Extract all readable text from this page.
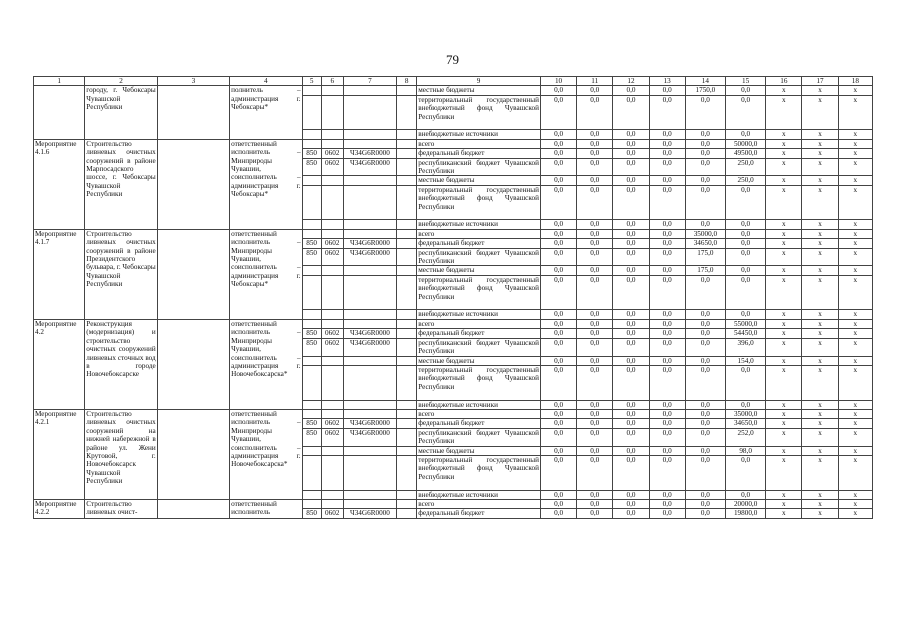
79
1	2	3	4	5	6	7	8	9	10	11	12	13	14	15	16	17	18
	городу, г. Чебоксары Чувашской Республики		полнитель – администрация г. Чебоксары*					местные бюджеты	0,0	0,0	0,0	0,0	1750,0	0,0	x	x	x
								территориальный государственный внебюджетный фонд Чувашской Республики	0,0	0,0	0,0	0,0	0,0	0,0	x	x	x
								внебюджетные источники	0,0	0,0	0,0	0,0	0,0	0,0	x	x	x
Мероприятие 4.1.6	Строительство ливневых очистных сооружений в районе Марпосадского шоссе, г. Чебоксары Чувашской Республики		ответственный исполнитель – Минприроды Чувашии, соисполнитель – администрация г. Чебоксары*					всего	0,0	0,0	0,0	0,0	0,0	50000,0	x	x	x
				850	0602	Ч34G6R0000		федеральный бюджет	0,0	0,0	0,0	0,0	0,0	49500,0	x	x	x
				850	0602	Ч34G6R0000		республиканский бюджет Чувашской Республики	0,0	0,0	0,0	0,0	0,0	250,0	x	x	x
								местные бюджеты	0,0	0,0	0,0	0,0	0,0	250,0	x	x	x
								территориальный государственный внебюджетный фонд Чувашской Республики	0,0	0,0	0,0	0,0	0,0	0,0	x	x	x
								внебюджетные источники	0,0	0,0	0,0	0,0	0,0	0,0	x	x	x
Мероприятие 4.1.7	Строительство ливневых очистных сооружений в районе Президентского бульвара, г. Чебоксары Чувашской Республики		ответственный исполнитель – Минприроды Чувашии, соисполнитель – администрация г. Чебоксары*					всего	0,0	0,0	0,0	0,0	35000,0	0,0	x	x	x
				850	0602	Ч34G6R0000		федеральный бюджет	0,0	0,0	0,0	0,0	34650,0	0,0	x	x	x
				850	0602	Ч34G6R0000		республиканский бюджет Чувашской Республики	0,0	0,0	0,0	0,0	175,0	0,0	x	x	x
								местные бюджеты	0,0	0,0	0,0	0,0	175,0	0,0	x	x	x
								территориальный государственный внебюджетный фонд Чувашской Республики	0,0	0,0	0,0	0,0	0,0	0,0	x	x	x
								внебюджетные источники	0,0	0,0	0,0	0,0	0,0	0,0	x	x	x
Мероприятие 4.2	Реконструкция (модернизация) и строительство очистных сооружений ливневых сточных вод в городе Новочебоксарске		ответственный исполнитель – Минприроды Чувашии, соисполнитель – администрация г. Новочебоксарска*					всего	0,0	0,0	0,0	0,0	0,0	55000,0	x	x	x
				850	0602	Ч34G6R0000		федеральный бюджет	0,0	0,0	0,0	0,0	0,0	54450,0	x	x	x
				850	0602	Ч34G6R0000		республиканский бюджет Чувашской Республики	0,0	0,0	0,0	0,0	0,0	396,0	x	x	x
								местные бюджеты	0,0	0,0	0,0	0,0	0,0	154,0	x	x	x
								территориальный государственный внебюджетный фонд Чувашской Республики	0,0	0,0	0,0	0,0	0,0	0,0	x	x	x
								внебюджетные источники	0,0	0,0	0,0	0,0	0,0	0,0	x	x	x
Мероприятие 4.2.1	Строительство ливневых очистных сооружений на нижней набережной в районе ул. Жени Крутовой, г. Новочебоксарск Чувашской Республики		ответственный исполнитель – Минприроды Чувашии, соисполнитель – администрация г. Новочебоксарска*					всего	0,0	0,0	0,0	0,0	0,0	35000,0	x	x	x
				850	0602	Ч34G6R0000		федеральный бюджет	0,0	0,0	0,0	0,0	0,0	34650,0	x	x	x
				850	0602	Ч34G6R0000		республиканский бюджет Чувашской Республики	0,0	0,0	0,0	0,0	0,0	252,0	x	x	x
								местные бюджеты	0,0	0,0	0,0	0,0	0,0	98,0	x	x	x
								территориальный государственный внебюджетный фонд Чувашской Республики	0,0	0,0	0,0	0,0	0,0	0,0	x	x	x
								внебюджетные источники	0,0	0,0	0,0	0,0	0,0	0,0	x	x	x
Мероприятие 4.2.2	Строительство ливневых очист-		ответственный исполнитель					всего	0,0	0,0	0,0	0,0	0,0	20000,0	x	x	x
				850	0602	Ч34G6R0000		федеральный бюджет	0,0	0,0	0,0	0,0	0,0	19800,0	x	x	x
